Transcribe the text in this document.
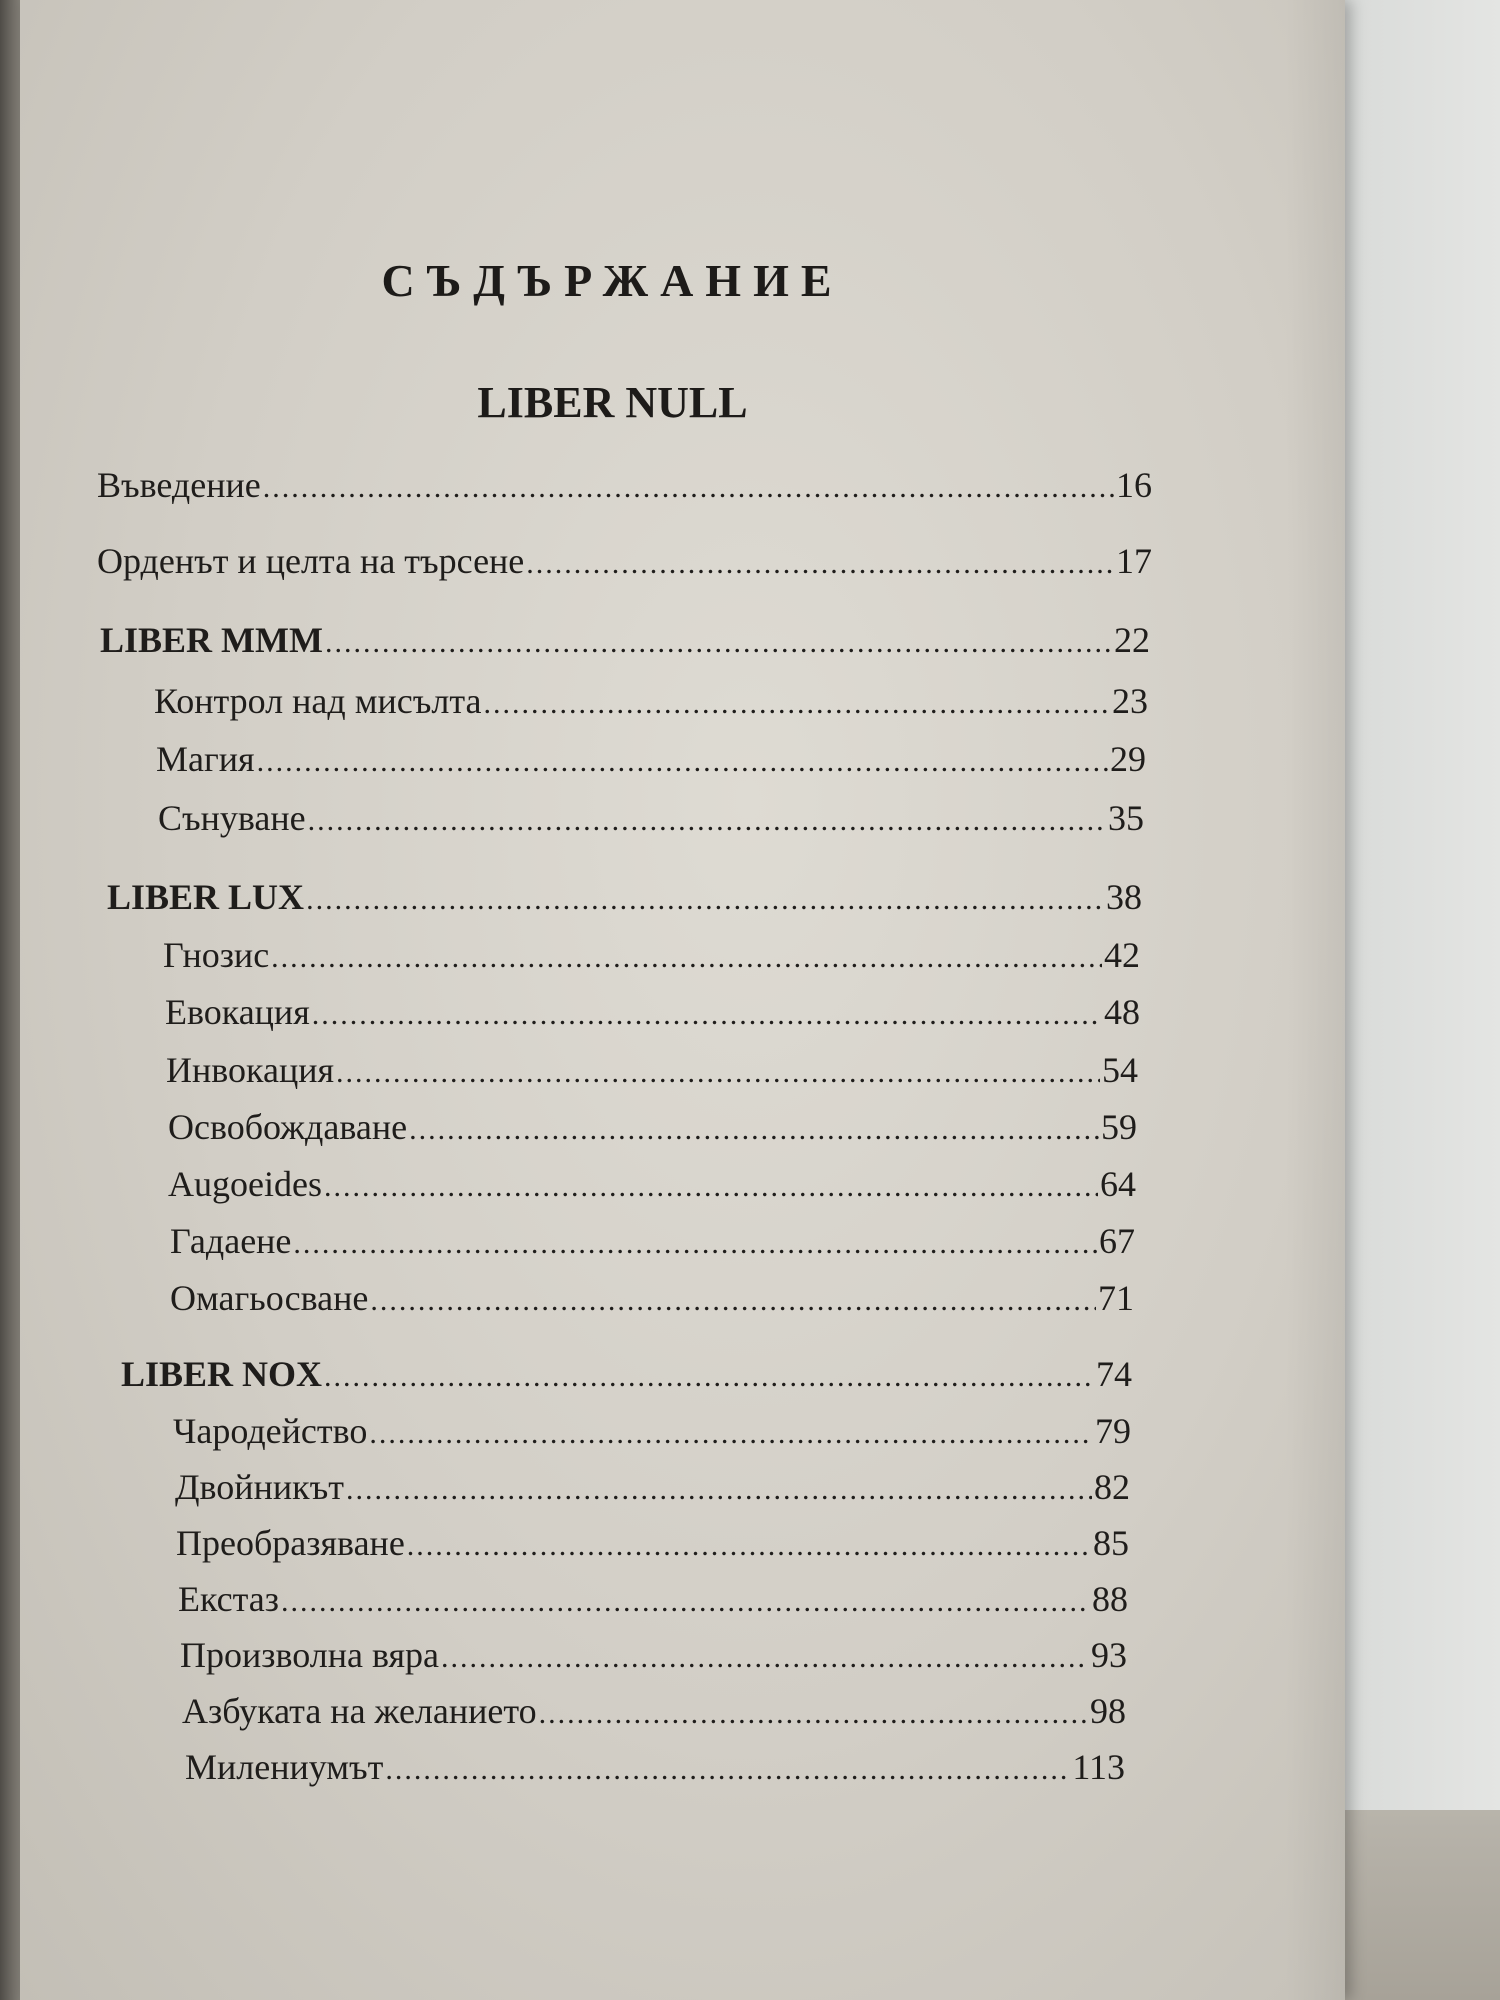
СЪДЪРЖАНИЕ
LIBER NULL
Въведение .....	16
Орденът и целта на търсене .....	17
LIBER MMM .....	22
Контрол над мисълта .....	23
Магия .....	29
Сънуване .....	35
LIBER LUX .....	38
Гнозис .....	42
Евокация .....	48
Инвокация .....	54
Освобождаване .....	59
Augoeides .....	64
Гадаене .....	67
Омагьосване .....	71
LIBER NOX .....	74
Чародейство .....	79
Двойникът .....	82
Преобразяване .....	85
Екстаз .....	88
Произволна вяра .....	93
Азбуката на желанието .....	98
Милениумът .....	113
